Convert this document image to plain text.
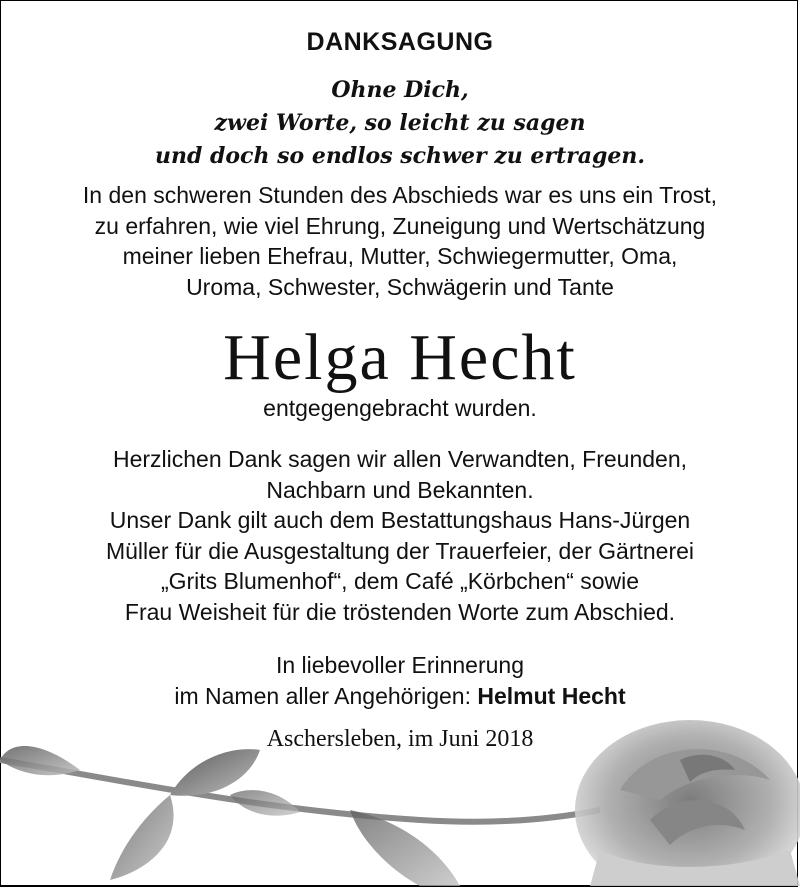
DANKSAGUNG
Ohne Dich,
zwei Worte, so leicht zu sagen
und doch so endlos schwer zu ertragen.
In den schweren Stunden des Abschieds war es uns ein Trost,
zu erfahren, wie viel Ehrung, Zuneigung und Wertschätzung
meiner lieben Ehefrau, Mutter, Schwiegermutter, Oma,
Uroma, Schwester, Schwägerin und Tante
Helga Hecht
entgegengebracht wurden.
Herzlichen Dank sagen wir allen Verwandten, Freunden,
Nachbarn und Bekannten.
Unser Dank gilt auch dem Bestattungshaus Hans-Jürgen
Müller für die Ausgestaltung der Trauerfeier, der Gärtnerei
„Grits Blumenhof“, dem Café „Körbchen“ sowie
Frau Weisheit für die tröstenden Worte zum Abschied.
In liebevoller Erinnerung
im Namen aller Angehörigen: Helmut Hecht
Aschersleben, im Juni 2018
